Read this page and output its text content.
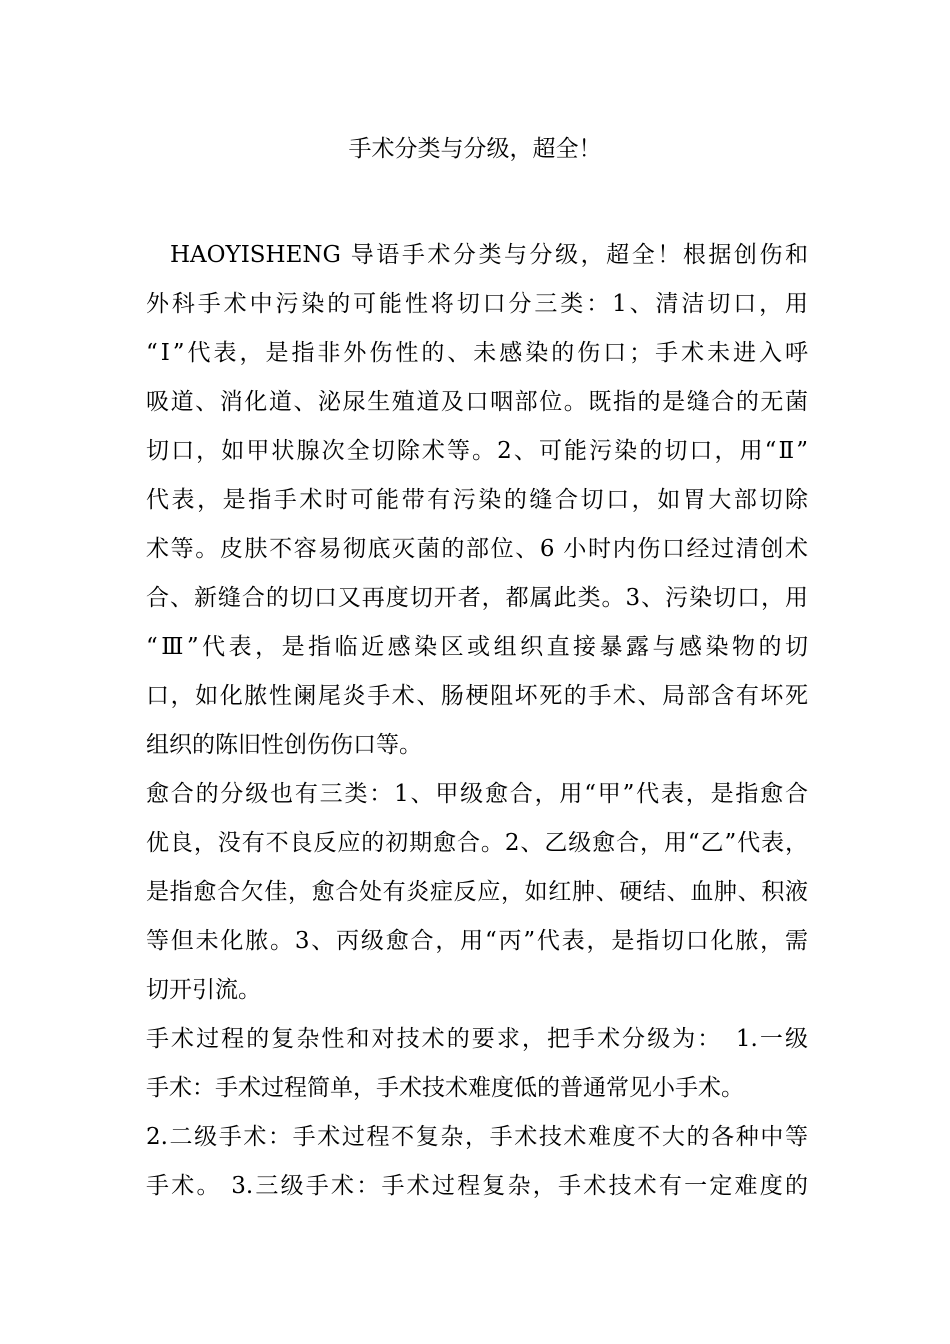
手术分类与分级，超全！

HAOYISHENG 导语手术分类与分级，超全！根据创伤和
外科手术中污染的可能性将切口分三类：1、清洁切口，用
“Ⅰ”代表，是指非外伤性的、未感染的伤口；手术未进入呼
吸道、消化道、泌尿生殖道及口咽部位。既指的是缝合的无菌
切口，如甲状腺次全切除术等。2、可能污染的切口，用“Ⅱ”
代表，是指手术时可能带有污染的缝合切口，如胃大部切除
术等。皮肤不容易彻底灭菌的部位、6 小时内伤口经过清创术
合、新缝合的切口又再度切开者，都属此类。3、污染切口，用
“Ⅲ”代表，是指临近感染区或组织直接暴露与感染物的切
口，如化脓性阑尾炎手术、肠梗阻坏死的手术、局部含有坏死
组织的陈旧性创伤伤口等。

愈合的分级也有三类：1、甲级愈合，用“甲”代表，是指愈合
优良，没有不良反应的初期愈合。2、乙级愈合，用“乙”代表，
是指愈合欠佳，愈合处有炎症反应，如红肿、硬结、血肿、积液
等但未化脓。3、丙级愈合，用“丙”代表，是指切口化脓，需
切开引流。

手术过程的复杂性和对技术的要求，把手术分级为：　1.一级
手术：手术过程简单，手术技术难度低的普通常见小手术。
2.二级手术：手术过程不复杂，手术技术难度不大的各种中等
手术。 3.三级手术：手术过程复杂，手术技术有一定难度的
